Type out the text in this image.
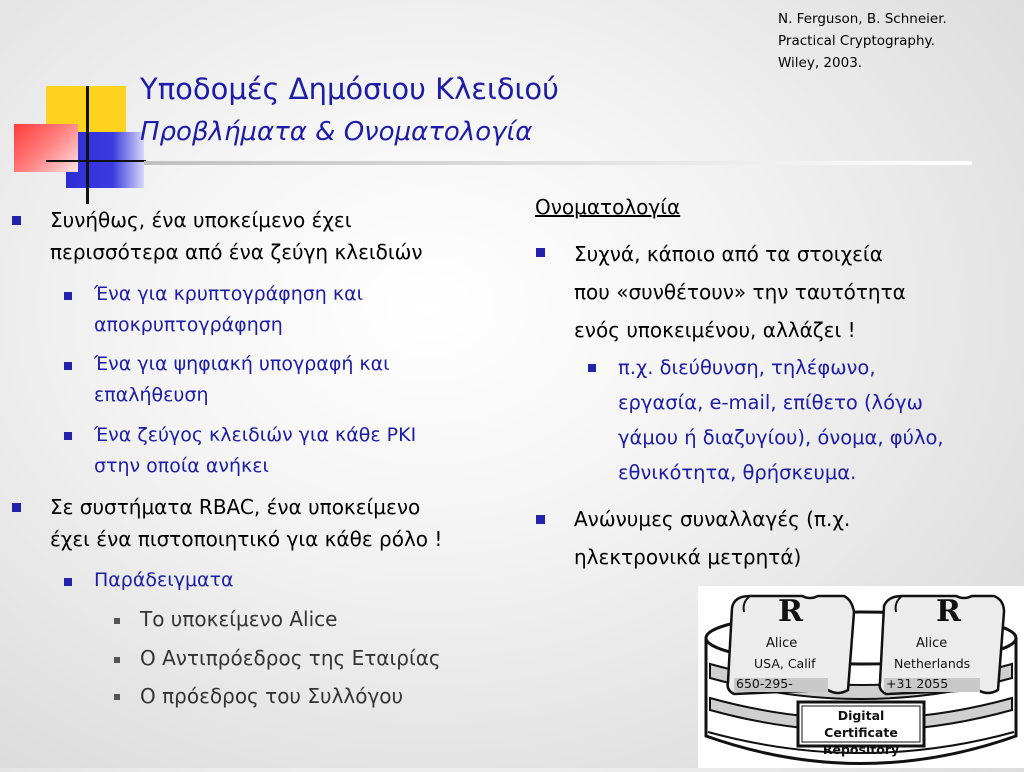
N. Ferguson, B. Schneier.
Practical Cryptography.
Wiley, 2003.
Υποδομές Δημόσιου Κλειδιού
Προβλήματα & Ονοματολογία
Συνήθως, ένα υποκείμενο έχει
περισσότερα από ένα ζεύγη κλειδιών
Ένα για κρυπτογράφηση και
αποκρυπτογράφηση
Ένα για ψηφιακή υπογραφή και
επαλήθευση
Ένα ζεύγος κλειδιών για κάθε PKI
στην οποία ανήκει
Σε συστήματα RBAC, ένα υποκείμενο
έχει ένα πιστοποιητικό για κάθε ρόλο !
Παράδειγματα
Το υποκείμενο Alice
Ο Αντιπρόεδρος της Εταιρίας
Ο πρόεδρος του Συλλόγου
Ονοματολογία
Συχνά, κάποιο από τα στοιχεία
που «συνθέτουν» την ταυτότητα
ενός υποκειμένου, αλλάζει !
π.χ. διεύθυνση, τηλέφωνο,
εργασία, e-mail, επίθετο (λόγω
γάμου ή διαζυγίου), όνομα, φύλο,
εθνικότητα, θρήσκευμα.
Ανώνυμες συναλλαγές (π.χ.
ηλεκτρονικά μετρητά)
R
Alice
USA, Calif
650-295-
R
Alice
Netherlands
+31 2055
Digital Certificate
Repository
